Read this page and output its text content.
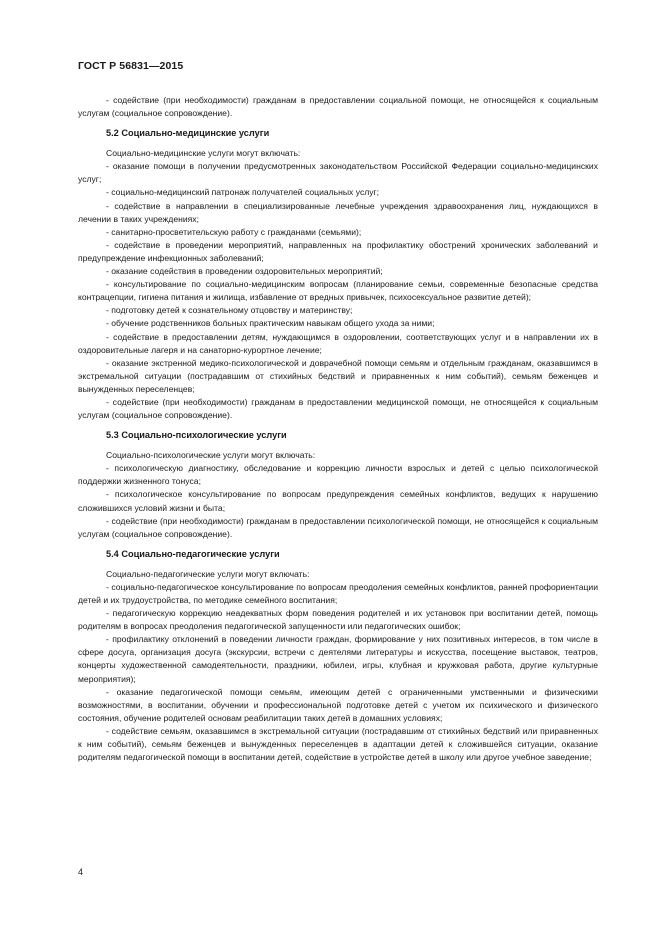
ГОСТ Р 56831—2015

- содействие (при необходимости) гражданам в предоставлении социальной помощи, не относящейся к социальным услугам (социальное сопровождение).

5.2 Социально-медицинские услуги

Социально-медицинские услуги могут включать:

- оказание помощи в получении предусмотренных законодательством Российской Федерации социально-медицинских услуг;

- социально-медицинский патронаж получателей социальных услуг;

- содействие в направлении в специализированные лечебные учреждения здравоохранения лиц, нуждающихся в лечении в таких учреждениях;

- санитарно-просветительскую работу с гражданами (семьями);

- содействие в проведении мероприятий, направленных на профилактику обострений хронических заболеваний и предупреждение инфекционных заболеваний;

- оказание содействия в проведении оздоровительных мероприятий;

- консультирование по социально-медицинским вопросам (планирование семьи, современные безопасные средства контрацепции, гигиена питания и жилища, избавление от вредных привычек, психосексуальное развитие детей);

- подготовку детей к сознательному отцовству и материнству;

- обучение родственников больных практическим навыкам общего ухода за ними;

- содействие в предоставлении детям, нуждающимся в оздоровлении, соответствующих услуг и в направлении их в оздоровительные лагеря и на санаторно-курортное лечение;

- оказание экстренной медико-психологической и доврачебной помощи семьям и отдельным гражданам, оказавшимся в экстремальной ситуации (пострадавшим от стихийных бедствий и приравненных к ним событий), семьям беженцев и вынужденных переселенцев;

- содействие (при необходимости) гражданам в предоставлении медицинской помощи, не относящейся к социальным услугам (социальное сопровождение).

5.3 Социально-психологические услуги

Социально-психологические услуги могут включать:

- психологическую диагностику, обследование и коррекцию личности взрослых и детей с целью психологической поддержки жизненного тонуса;

- психологическое консультирование по вопросам предупреждения семейных конфликтов, ведущих к нарушению сложившихся условий жизни и быта;

- содействие (при необходимости) гражданам в предоставлении психологической помощи, не относящейся к социальным услугам (социальное сопровождение).

5.4 Социально-педагогические услуги

Социально-педагогические услуги могут включать:

- социально-педагогическое консультирование по вопросам преодоления семейных конфликтов, ранней профориентации детей и их трудоустройства, по методике семейного воспитания;

- педагогическую коррекцию неадекватных форм поведения родителей и их установок при воспитании детей, помощь родителям в вопросах преодоления педагогической запущенности или педагогических ошибок;

- профилактику отклонений в поведении личности граждан, формирование у них позитивных интересов, в том числе в сфере досуга, организация досуга (экскурсии, встречи с деятелями литературы и искусства, посещение выставок, театров, концерты художественной самодеятельности, праздники, юбилеи, игры, клубная и кружковая работа, другие культурные мероприятия);

- оказание педагогической помощи семьям, имеющим детей с ограниченными умственными и физическими возможностями, в воспитании, обучении и профессиональной подготовке детей с учетом их психического и физического состояния, обучение родителей основам реабилитации таких детей в домашних условиях;

- содействие семьям, оказавшимся в экстремальной ситуации (пострадавшим от стихийных бедствий или приравненных к ним событий), семьям беженцев и вынужденных переселенцев в адаптации детей к сложившейся ситуации, оказание родителям педагогической помощи в воспитании детей, содействие в устройстве детей в школу или другое учебное заведение;

4
